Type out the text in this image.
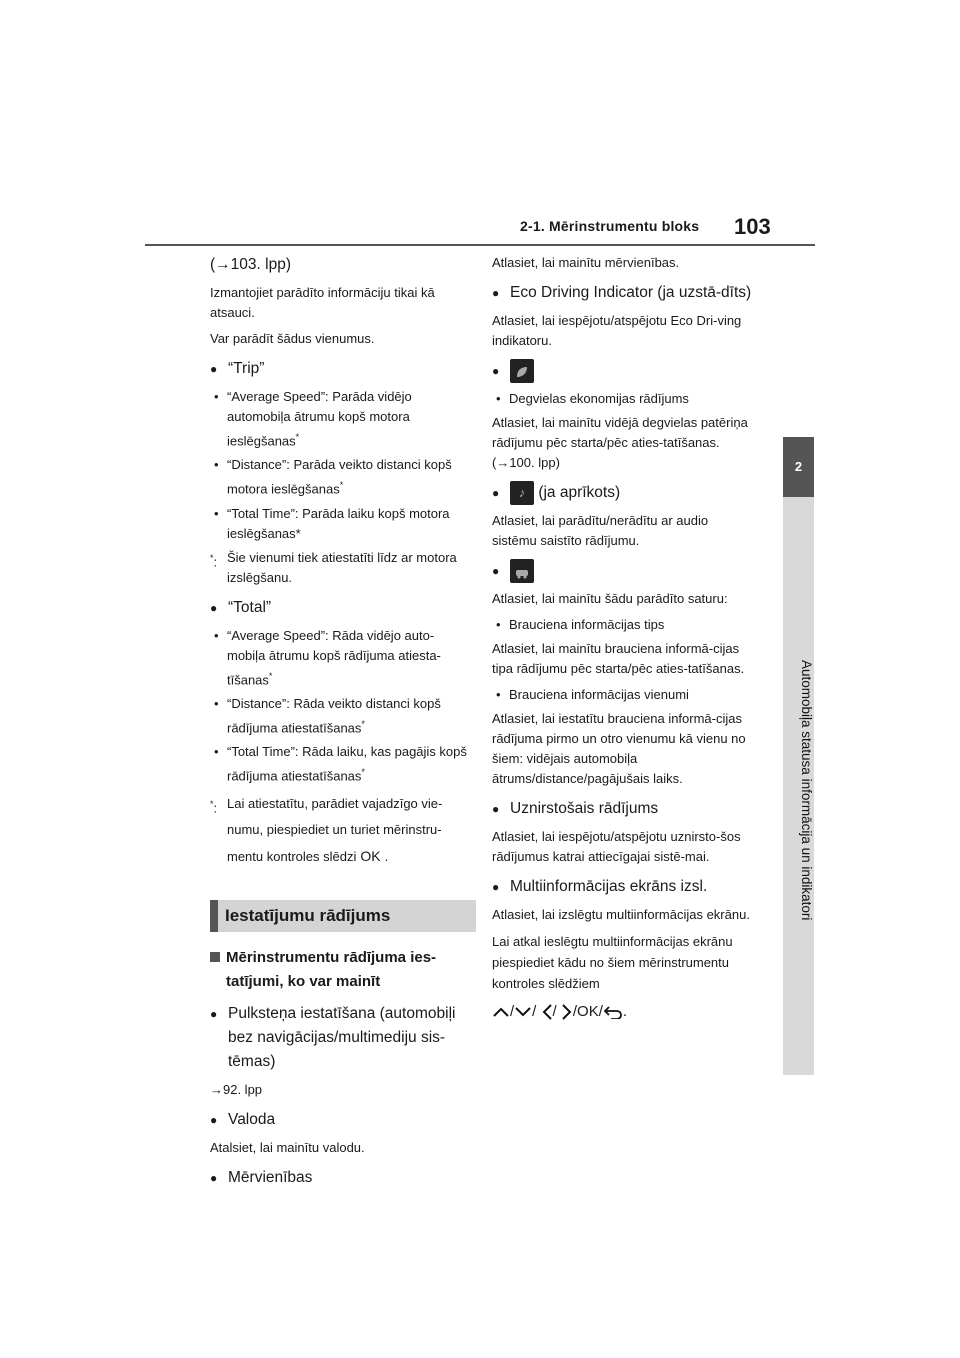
2-1. Mērinstrumentu bloks 103
2
Automobiļa statusa informācija un indikatori

(→103. lpp)

Izmantojiet parādīto informāciju tikai kā atsauci.

Var parādīt šādus vienumus.

● “Trip”

• “Average Speed”: Parāda vidējo automobiļa ātrumu kopš motora ieslēgšanas*

• “Distance”: Parāda veikto distanci kopš motora ieslēgšanas*

• “Total Time”: Parāda laiku kopš motora ieslēgšanas*

*: Šie vienumi tiek atiestatīti līdz ar motora izslēgšanu.

● “Total”

• “Average Speed”: Rāda vidējo auto-mobiļa ātrumu kopš rādījuma atiesta-tīšanas*

• “Distance”: Rāda veikto distanci kopš rādījuma atiestatīšanas*

• “Total Time”: Rāda laiku, kas pagājis kopš rādījuma atiestatīšanas*

*: Lai atiestatītu, parādiet vajadzīgo vie-numu, piespiediet un turiet mērinstru-mentu kontroles slēdzi OK .

Iestatījumu rādījums
Mērinstrumentu rādījuma ies-tatījumi, ko var mainīt

● Pulksteņa iestatīšana (automobiļi bez navigācijas/multimediju sis-tēmas)

→92. lpp

● Valoda

Atalsiet, lai mainītu valodu.

● Mērvienības

Atlasiet, lai mainītu mērvienības.

● Eco Driving Indicator (ja uzstā-dīts)

Atlasiet, lai iespējotu/atspējotu Eco Dri-ving indikatoru.

●

• Degvielas ekonomijas rādījums

Atlasiet, lai mainītu vidējā degvielas patēriņa rādījumu pēc starta/pēc aties-tatīšanas. (→100. lpp)

● ♪ (ja aprīkots)

Atlasiet, lai parādītu/nerādītu ar audio sistēmu saistīto rādījumu.

●

Atlasiet, lai mainītu šādu parādīto saturu:

• Brauciena informācijas tips

Atlasiet, lai mainītu brauciena informā-cijas tipa rādījumu pēc starta/pēc aties-tatīšanas.

• Brauciena informācijas vienumi

Atlasiet, lai iestatītu brauciena informā-cijas rādījuma pirmo un otro vienumu kā vienu no šiem: vidējais automobiļa ātrums/distance/pagājušais laiks.

● Uznirstošais rādījums

Atlasiet, lai iespējotu/atspējotu uznirsto-šos rādījumus katrai attiecīgajai sistē-mai.

● Multiinformācijas ekrāns izsl.

Atlasiet, lai izslēgtu multiinformācijas ekrānu.

Lai atkal ieslēgtu multiinformācijas ekrānu piespiediet kādu no šiem mērinstrumentu kontroles slēdžiem

/ / / /OK/ .
